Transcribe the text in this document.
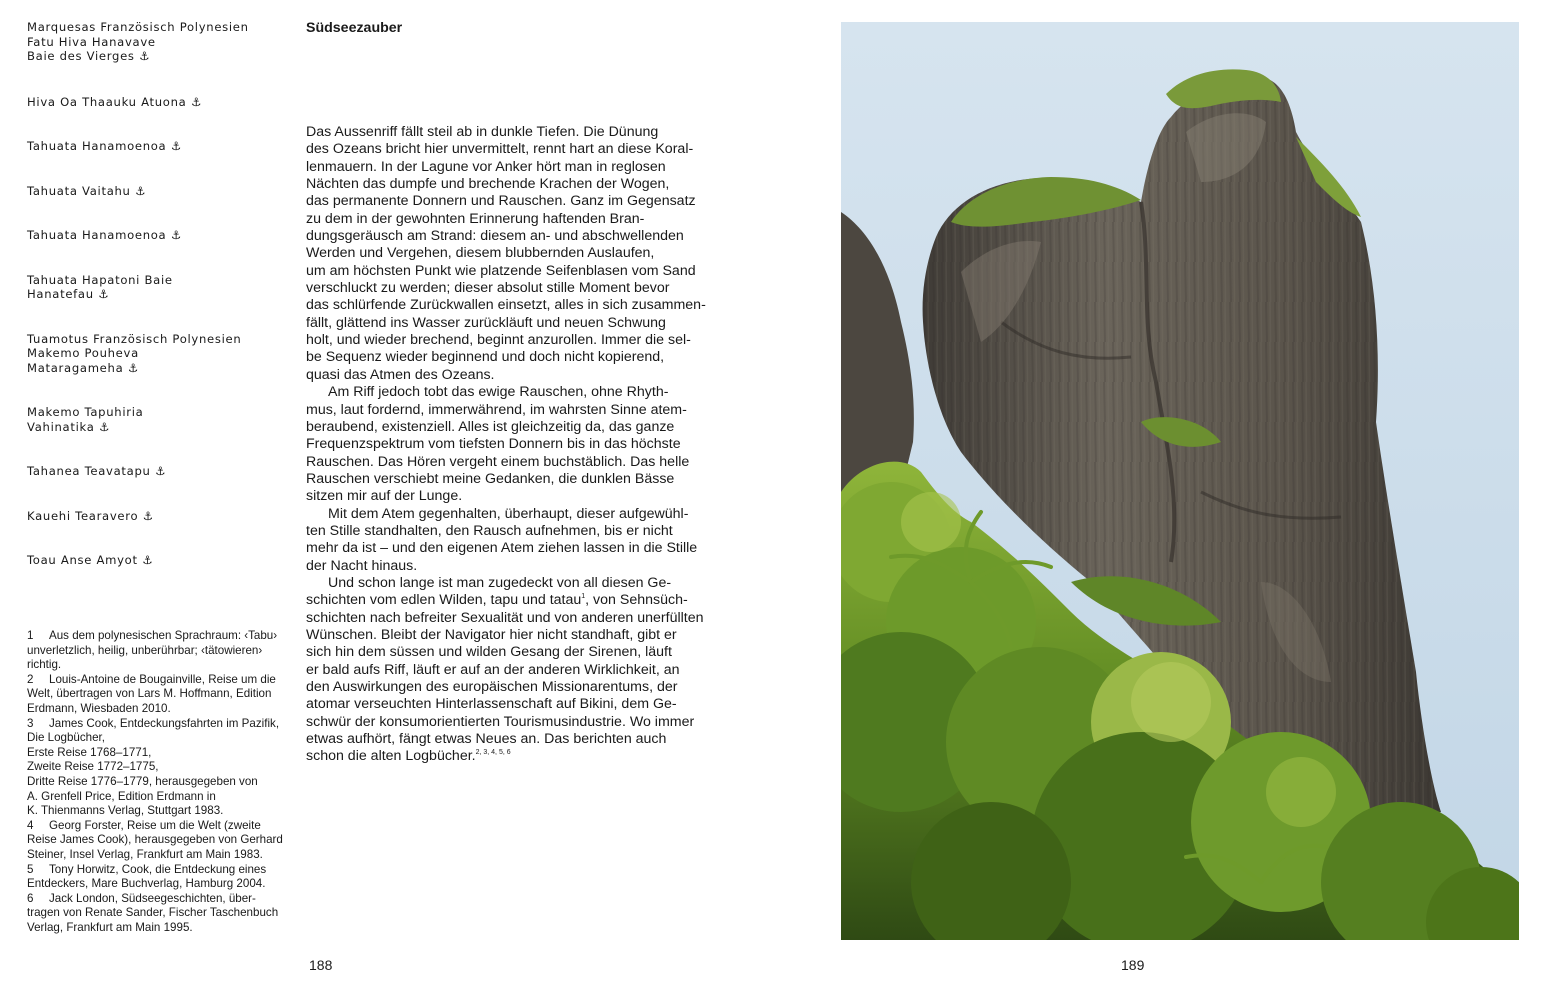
Marquesas Französisch Polynesien

Fatu Hiva Hanavave

Baie des Vierges ⚓

Hiva Oa Thaauku Atuona ⚓

Tahuata Hanamoenoa ⚓

Tahuata Vaitahu ⚓

Tahuata Hanamoenoa ⚓

Tahuata Hapatoni Baie

Hanatefau ⚓

Tuamotus Französisch Polynesien

Makemo Pouheva

Mataragameha ⚓

Makemo Tapuhiria

Vahinatika ⚓

Tahanea Teavatapu ⚓

Kauehi Tearavero ⚓

Toau Anse Amyot ⚓

1 Aus dem polynesischen Sprachraum: ‹Tabu›

unverletzlich, heilig, unberührbar; ‹tätowieren›

richtig.

2 Louis-Antoine de Bougainville, Reise um die

Welt, übertragen von Lars M. Hoffmann, Edition

Erdmann, Wiesbaden 2010.

3 James Cook, Entdeckungsfahrten im Pazifik,

Die Logbücher,

Erste Reise 1768–1771,

Zweite Reise 1772–1775,

Dritte Reise 1776–1779, herausgegeben von

A. Grenfell Price, Edition Erdmann in

K. Thienmanns Verlag, Stuttgart 1983.

4 Georg Forster, Reise um die Welt (zweite

Reise James Cook), herausgegeben von Gerhard

Steiner, Insel Verlag, Frankfurt am Main 1983.

5 Tony Horwitz, Cook, die Entdeckung eines

Entdeckers, Mare Buchverlag, Hamburg 2004.

6 Jack London, Südseegeschichten, über-

tragen von Renate Sander, Fischer Taschenbuch

Verlag, Frankfurt am Main 1995.

Südseezauber

Das Aussenriff fällt steil ab in dunkle Tiefen. Die Dünung

des Ozeans bricht hier unvermittelt, rennt hart an diese Koral-

lenmauern. In der Lagune vor Anker hört man in reglosen

Nächten das dumpfe und brechende Krachen der Wogen,

das permanente Donnern und Rauschen. Ganz im Gegensatz

zu dem in der gewohnten Erinnerung haftenden Bran-

dungsgeräusch am Strand: diesem an- und abschwellenden

Werden und Vergehen, diesem blubbernden Auslaufen,

um am höchsten Punkt wie platzende Seifenblasen vom Sand

verschluckt zu werden; dieser absolut stille Moment bevor

das schlürfende Zurückwallen einsetzt, alles in sich zusammen-

fällt, glättend ins Wasser zurückläuft und neuen Schwung

holt, und wieder brechend, beginnt anzurollen. Immer die sel-

be Sequenz wieder beginnend und doch nicht kopierend,

quasi das Atmen des Ozeans.

Am Riff jedoch tobt das ewige Rauschen, ohne Rhyth-

mus, laut fordernd, immerwährend, im wahrsten Sinne atem-

beraubend, existenziell. Alles ist gleichzeitig da, das ganze

Frequenzspektrum vom tiefsten Donnern bis in das höchste

Rauschen. Das Hören vergeht einem buchstäblich. Das helle

Rauschen verschiebt meine Gedanken, die dunklen Bässe

sitzen mir auf der Lunge.

Mit dem Atem gegenhalten, überhaupt, dieser aufgewühl-

ten Stille standhalten, den Rausch aufnehmen, bis er nicht

mehr da ist – und den eigenen Atem ziehen lassen in die Stille

der Nacht hinaus.

Und schon lange ist man zugedeckt von all diesen Ge-

schichten vom edlen Wilden, tapu und tatau$^1$, von Sehnsüch-

schichten nach befreiter Sexualität und von anderen unerfüllten

Wünschen. Bleibt der Navigator hier nicht standhaft, gibt er

sich hin dem süssen und wilden Gesang der Sirenen, läuft

er bald aufs Riff, läuft er auf an der anderen Wirklichkeit, an

den Auswirkungen des europäischen Missionarentums, der

atomar verseuchten Hinterlassenschaft auf Bikini, dem Ge-

schwür der konsumorientierten Tourismusindustrie. Wo immer

etwas aufhört, fängt etwas Neues an. Das berichten auch

schon die alten Logbücher.$^{2, 3, 4, 5, 6}$

188	189
